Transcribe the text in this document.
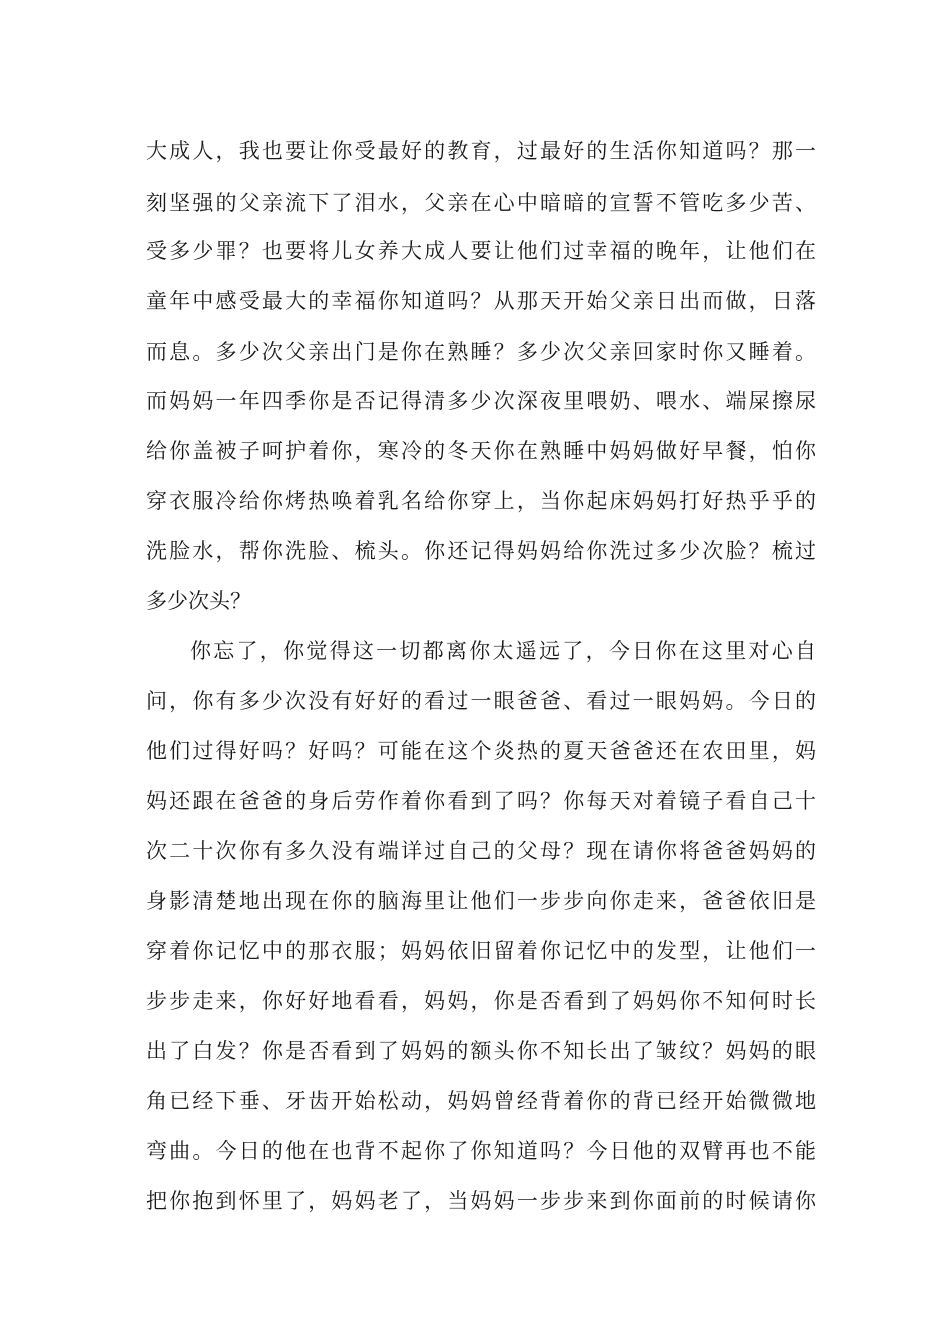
大成人，我也要让你受最好的教育，过最好的生活你知道吗？那一
刻坚强的父亲流下了泪水，父亲在心中暗暗的宣誓不管吃多少苦、
受多少罪？也要将儿女养大成人要让他们过幸福的晚年，让他们在
童年中感受最大的幸福你知道吗？从那天开始父亲日出而做，日落
而息。多少次父亲出门是你在熟睡？多少次父亲回家时你又睡着。
而妈妈一年四季你是否记得清多少次深夜里喂奶、喂水、端屎擦尿
给你盖被子呵护着你，寒冷的冬天你在熟睡中妈妈做好早餐，怕你
穿衣服冷给你烤热唤着乳名给你穿上，当你起床妈妈打好热乎乎的
洗脸水，帮你洗脸、梳头。你还记得妈妈给你洗过多少次脸？梳过
多少次头？
你忘了，你觉得这一切都离你太遥远了，今日你在这里对心自
问，你有多少次没有好好的看过一眼爸爸、看过一眼妈妈。今日的
他们过得好吗？好吗？可能在这个炎热的夏天爸爸还在农田里，妈
妈还跟在爸爸的身后劳作着你看到了吗？你每天对着镜子看自己十
次二十次你有多久没有端详过自己的父母？现在请你将爸爸妈妈的
身影清楚地出现在你的脑海里让他们一步步向你走来，爸爸依旧是
穿着你记忆中的那衣服；妈妈依旧留着你记忆中的发型，让他们一
步步走来，你好好地看看，妈妈，你是否看到了妈妈你不知何时长
出了白发？你是否看到了妈妈的额头你不知长出了皱纹？妈妈的眼
角已经下垂、牙齿开始松动，妈妈曾经背着你的背已经开始微微地
弯曲。今日的他在也背不起你了你知道吗？今日他的双臂再也不能
把你抱到怀里了，妈妈老了，当妈妈一步步来到你面前的时候请你
